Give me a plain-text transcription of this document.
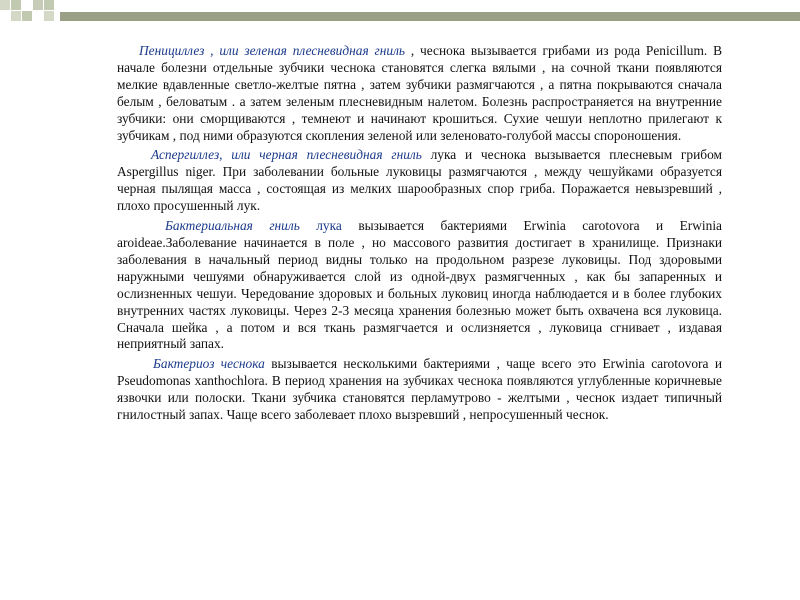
Пенициллез , или зеленая плесневидная гниль , чеснока вызывается грибами из рода Penicillum. В начале болезни отдельные зубчики чеснока становятся слегка вялыми , на сочной ткани появляются мелкие вдавленные светло-желтые пятна , затем зубчики размягчаются , а пятна покрываются сначала белым , беловатым . а затем зеленым плесневидным налетом. Болезнь распространяется на внутренние зубчики: они сморщиваются , темнеют и начинают крошиться. Сухие чешуи неплотно прилегают к зубчикам , под ними образуются скопления зеленой или зеленовато-голубой массы спороношения.

Аспергиллез, или черная плесневидная гниль лука и чеснока вызывается плесневым грибом Aspergillus niger. При заболевании больные луковицы размягчаются , между чешуйками образуется черная пылящая масса , состоящая из мелких шарообразных спор гриба. Поражается невызревший , плохо просушенный лук.

Бактериальная гниль лука вызывается бактериями Erwinia carotovora и Erwinia aroideae.Заболевание начинается в поле , но массового развития достигает в хранилище. Признаки заболевания в начальный период видны только на продольном разрезе луковицы. Под здоровыми наружными чешуями обнаруживается слой из одной-двух размягченных , как бы запаренных и ослизненных чешуи. Чередование здоровых и больных луковиц иногда наблюдается и в более глубоких внутренних частях луковицы. Через 2-3 месяца хранения болезнью может быть охвачена вся луковица. Сначала шейка , а потом и вся ткань размягчается и ослизняется , луковица сгнивает , издавая неприятный запах.

Бактериоз чеснока вызывается несколькими бактериями , чаще всего это Erwinia carotovora и Pseudomonas xanthochlora. В период хранения на зубчиках чеснока появляются углубленные коричневые язвочки или полоски. Ткани зубчика становятся перламутрово - желтыми , чеснок издает типичный гнилостный запах. Чаще всего заболевает плохо вызревший , непросушенный чеснок.
